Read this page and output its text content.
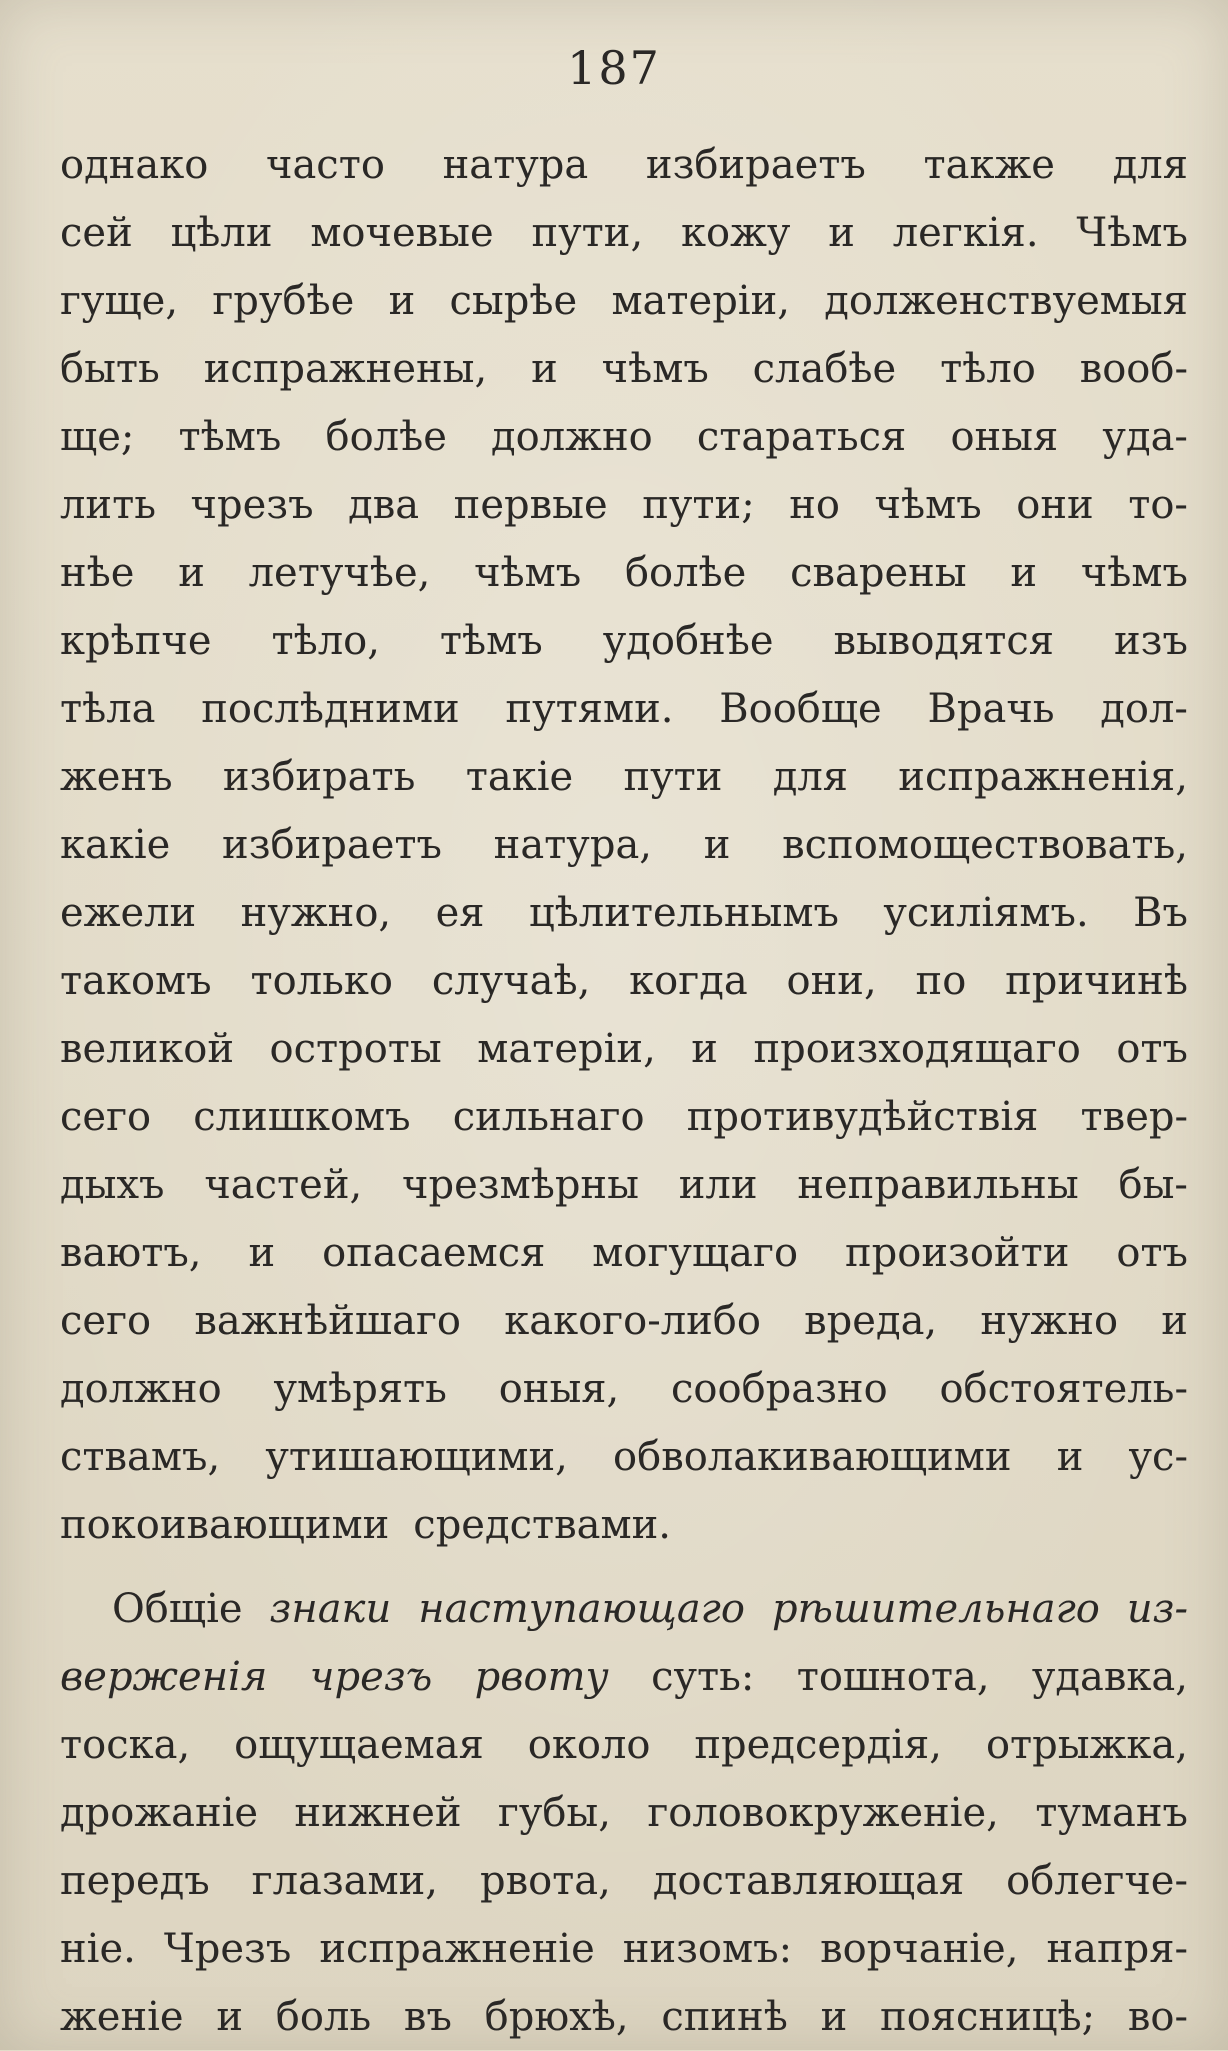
187
однако часто натура избираетъ также для
сей цѣли мочевые пути, кожу и легкія. Чѣмъ
гуще, грубѣе и сырѣе матеріи, долженствуемыя
быть испражнены, и чѣмъ слабѣе тѣло вооб-
ще; тѣмъ болѣе должно стараться оныя уда-
лить чрезъ два первые пути; но чѣмъ они то-
нѣе и летучѣе, чѣмъ болѣе сварены и чѣмъ
крѣпче тѣло, тѣмъ удобнѣе выводятся изъ
тѣла послѣдними путями. Вообще Врачь дол-
женъ избирать такіе пути для испражненія,
какіе избираетъ натура, и вспомоществовать,
ежели нужно, ея цѣлительнымъ усиліямъ. Въ
такомъ только случаѣ, когда они, по причинѣ
великой остроты матеріи, и произходящаго отъ
сего слишкомъ сильнаго противудѣйствія твер-
дыхъ частей, чрезмѣрны или неправильны бы-
ваютъ, и опасаемся могущаго произойти отъ
сего важнѣйшаго какого-либо вреда, нужно и
должно умѣрять оныя, сообразно обстоятель-
ствамъ, утишающими, обволакивающими и ус-
покоивающими средствами.
Общіе знаки наступающаго рѣшительнаго из-
верженія чрезъ рвоту суть: тошнота, удавка,
тоска, ощущаемая около предсердія, отрыжка,
дрожаніе нижней губы, головокруженіе, туманъ
передъ глазами, рвота, доставляющая облегче-
ніе. Чрезъ испражненіе низомъ: ворчаніе, напря-
женіе и боль въ брюхѣ, спинѣ и поясницѣ; во-
